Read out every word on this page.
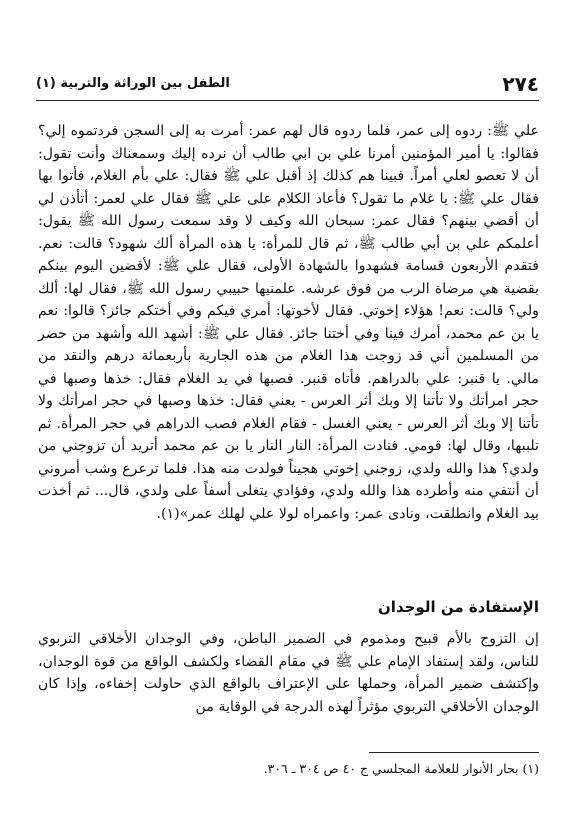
٢٧٤
الطفل بين الوراثة والتربية (١)

علي ﷺ: ردوه إلى عمر، فلما ردوه قال لهم عمر: أمرت به إلى السجن فردتموه إلي؟ فقالوا: يا أمير المؤمنين أمرنا علي بن ابي طالب أن نرده إليك وسمعناك وأنت تقول: أن لا تعصو لعلي أمراً. فبينا هم كذلك إذ أقبل علي ﷺ فقال: علي بأم الغلام، فأتوا بها فقال علي ﷺ: يا غلام ما تقول؟ فأعاد الكلام على علي ﷺ فقال علي لعمر: أتأذن لي أن أقضي بينهم؟ فقال عمر: سبحان الله وكيف لا وقد سمعت رسول الله ﷺ يقول: أعلمكم علي بن أبي طالب ﷺ، ثم قال للمرأة: يا هذه المرأة ألك شهود؟ قالت: نعم. فتقدم الأربعون قسامة فشهدوا بالشهادة الأولى، فقال علي ﷺ: لأقضين اليوم بينكم بقضية هي مرضاة الرب من فوق عرشه. علمنيها حبيبي رسول الله ﷺ، فقال لها: ألك ولي؟ قالت: نعم! هؤلاء إخوتي. فقال لأخوتها: أمري فيكم وفي أختكم جائز؟ قالوا: نعم يا بن عم محمد، أمرك فينا وفي أختنا جائز. فقال علي ﷺ: أشهد الله وأشهد من حضر من المسلمين أني قد زوجت هذا الغلام من هذه الجارية بأربعمائة درهم والنقد من مالي. يا قنبر: علي بالدراهم. فأتاه قنبر. فصبها في يد الغلام فقال: خذها وصبها في حجر امرأتك ولا تأتنا إلا وبك أثر العرس - يعني فقال: خذها وصبها في حجر امرأتك ولا تأتنا إلا وبك أثر العرس - يعني الغسل - فقام الغلام فصب الدراهم في حجر المرأة. ثم تلببها، وقال لها: قومي. فنادت المرأة: النار النار يا بن عم محمد أتريد أن تزوجني من ولدي؟ هذا والله ولدي، زوجني إخوتي هجيناً فولدت منه هذا. فلما ترعرع وشب أمروني أن أنتفي منه وأطرده هذا والله ولدي، وفؤادي يتغلى أسفاً على ولدي، قال... ثم أخذت بيد الغلام وانطلقت، ونادى عمر: واعمراه لولا علي لهلك عمر»(١).

الإستفادة من الوجدان

إن التزوج بالأم قبيح ومذموم في الضمير الباطن، وفي الوجدان الأخلاقي التربوي للناس، ولقد إستفاد الإمام علي ﷺ في مقام القضاء ولكشف الواقع من قوة الوجدان، وإكتشف ضمير المرأة، وحملها على الإعتراف بالواقع الذي حاولت إخفاءه، وإذا كان الوجدان الأخلاقي التربوي مؤثراً لهذه الدرجة في الوقاية من

(١) بحار الأنوار للعلامة المجلسي ج ٤٠ ص ٣٠٤ ـ ٣٠٦.
